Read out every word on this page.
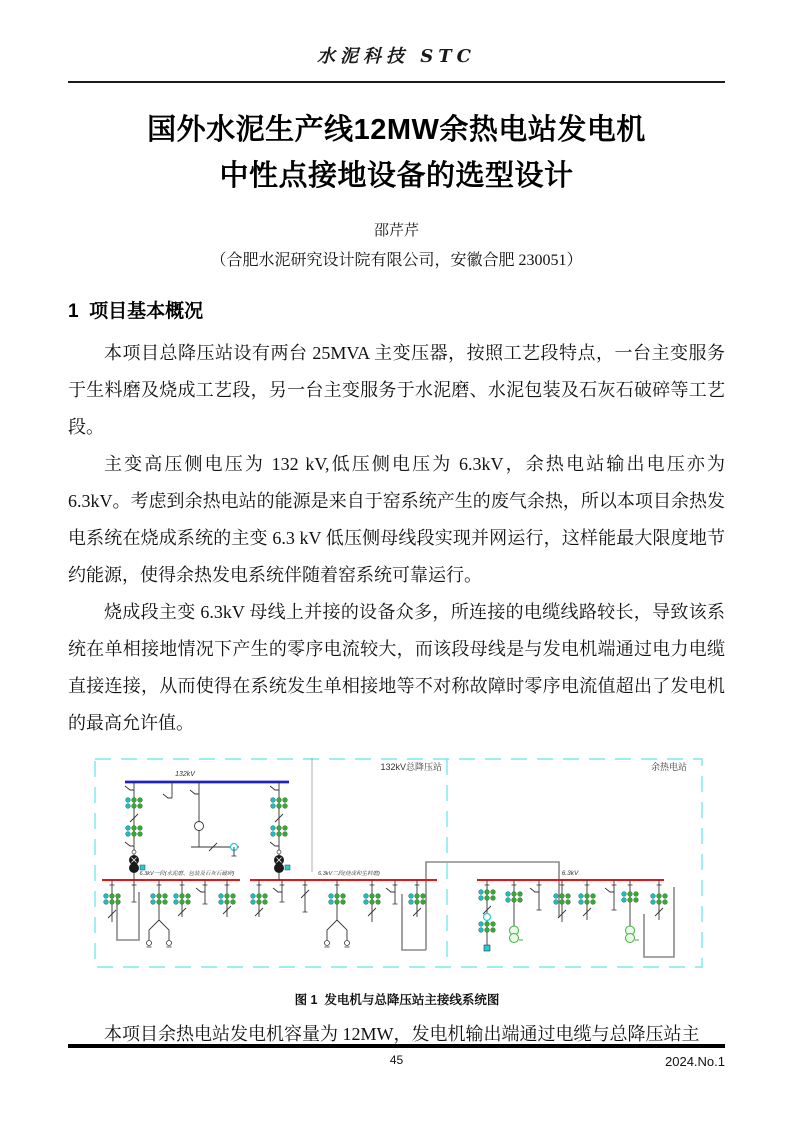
水泥科技 STC
国外水泥生产线12MW余热电站发电机
中性点接地设备的选型设计
邵芹芹
（合肥水泥研究设计院有限公司，安徽合肥 230051）
1  项目基本概况

本项目总降压站设有两台 25MVA 主变压器，按照工艺段特点，一台主变服务于生料磨及烧成工艺段，另一台主变服务于水泥磨、水泥包装及石灰石破碎等工艺段。

主变高压侧电压为 132 kV,低压侧电压为 6.3kV，余热电站输出电压亦为 6.3kV。考虑到余热电站的能源是来自于窑系统产生的废气余热，所以本项目余热发电系统在烧成系统的主变 6.3 kV 低压侧母线段实现并网运行，这样能最大限度地节约能源，使得余热发电系统伴随着窑系统可靠运行。

烧成段主变 6.3kV 母线上并接的设备众多，所连接的电缆线路较长，导致该系统在单相接地情况下产生的零序电流较大，而该段母线是与发电机端通过电力电缆直接连接，从而使得在系统发生单相接地等不对称故障时零序电流值超出了发电机的最高允许值。

132kV总降压站	余热电站
132kV
6.3kV一段(水泥磨、包装及石灰石破碎)	6.3kV二段(烧成和生料磨)	6.3kV
图 1  发电机与总降压站主接线系统图

本项目余热电站发电机容量为 12MW，发电机输出端通过电缆与总降压站主

45	2024.No.1
